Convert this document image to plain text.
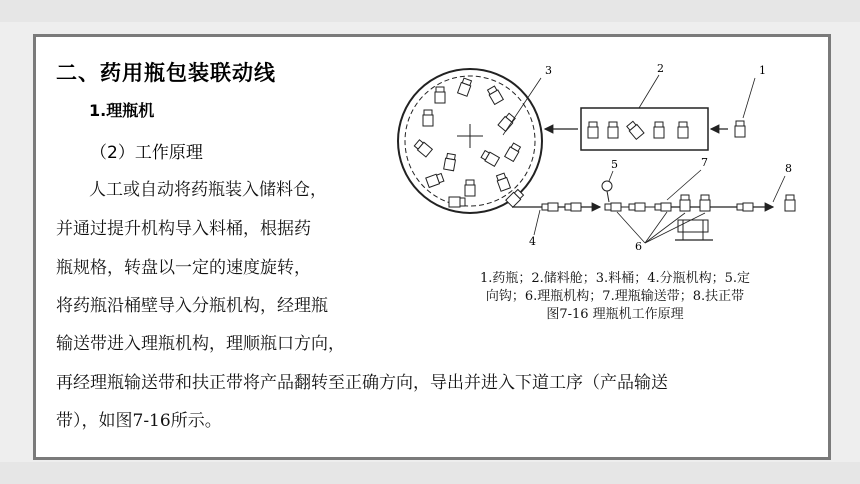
二、药用瓶包装联动线
1.理瓶机
（2）工作原理
人工或自动将药瓶装入储料仓，
并通过提升机构导入料桶，根据药
瓶规格，转盘以一定的速度旋转，
将药瓶沿桶壁导入分瓶机构，经理瓶
输送带进入理瓶机构，理顺瓶口方向，
再经理瓶输送带和扶正带将产品翻转至正确方向，导出并进入下道工序（产品输送
带），如图7-16所示。
1
2
3
4
5
6
7	8
1.药瓶；2.储料舱；3.料桶；4.分瓶机构；5.定
向钩；6.理瓶机构；7.理瓶输送带；8.扶正带
图7-16 理瓶机工作原理
